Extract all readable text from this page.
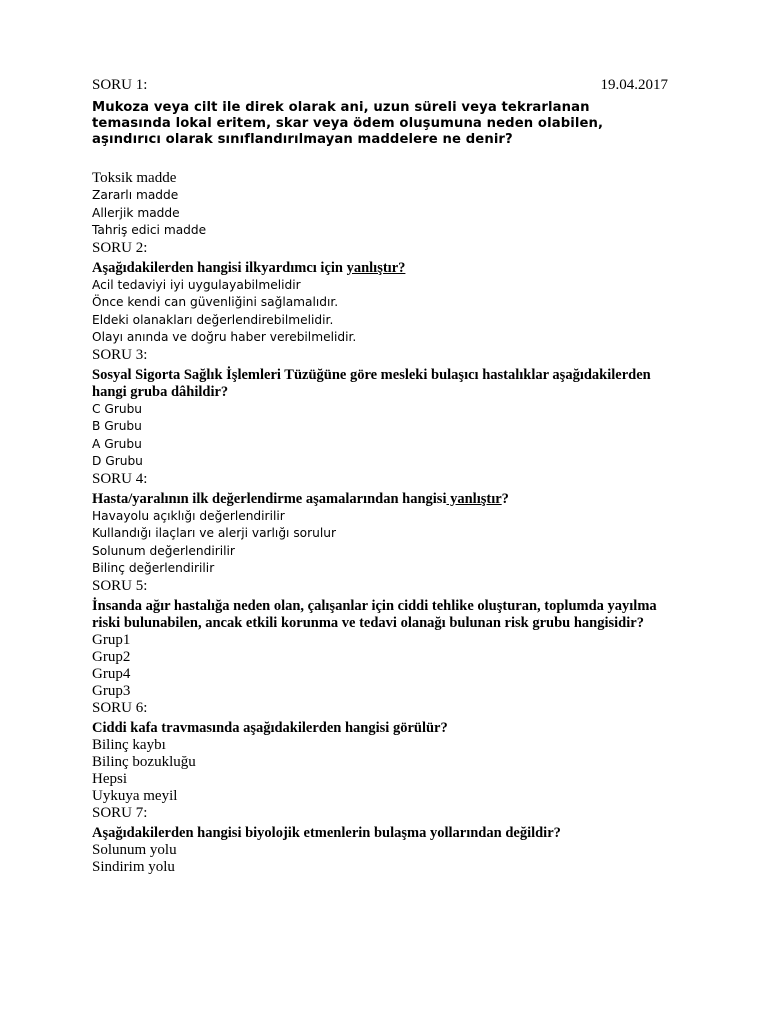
SORU 1:	19.04.2017
Mukoza veya cilt ile direk olarak ani, uzun süreli veya tekrarlanan temasında lokal eritem, skar veya ödem oluşumuna neden olabilen, aşındırıcı olarak sınıflandırılmayan maddelere ne denir?
Toksik madde
Zararlı madde
Allerjik madde
Tahriş edici madde
SORU 2:
Aşağıdakilerden hangisi ilkyardımcı için yanlıştır?
Acil tedaviyi iyi uygulayabilmelidir
Önce kendi can güvenliğini sağlamalıdır.
Eldeki olanakları değerlendirebilmelidir.
Olayı anında ve doğru haber verebilmelidir.
SORU 3:
Sosyal Sigorta Sağlık İşlemleri Tüzüğüne göre mesleki bulaşıcı hastalıklar aşağıdakilerden hangi gruba dâhildir?
C Grubu
B Grubu
A Grubu
D Grubu
SORU 4:
Hasta/yaralının ilk değerlendirme aşamalarından hangisi yanlıştır?
Havayolu açıklığı değerlendirilir
Kullandığı ilaçları ve alerji varlığı sorulur
Solunum değerlendirilir
Bilinç değerlendirilir
SORU 5:
İnsanda ağır hastalığa neden olan, çalışanlar için ciddi tehlike oluşturan, toplumda yayılma riski bulunabilen, ancak etkili korunma ve tedavi olanağı bulunan risk grubu hangisidir?
Grup1
Grup2
Grup4
Grup3
SORU 6:
Ciddi kafa travmasında aşağıdakilerden hangisi görülür?
Bilinç kaybı
Bilinç bozukluğu
Hepsi
Uykuya meyil
SORU 7:
Aşağıdakilerden hangisi biyolojik etmenlerin bulaşma yollarından değildir?
Solunum yolu
Sindirim yolu
